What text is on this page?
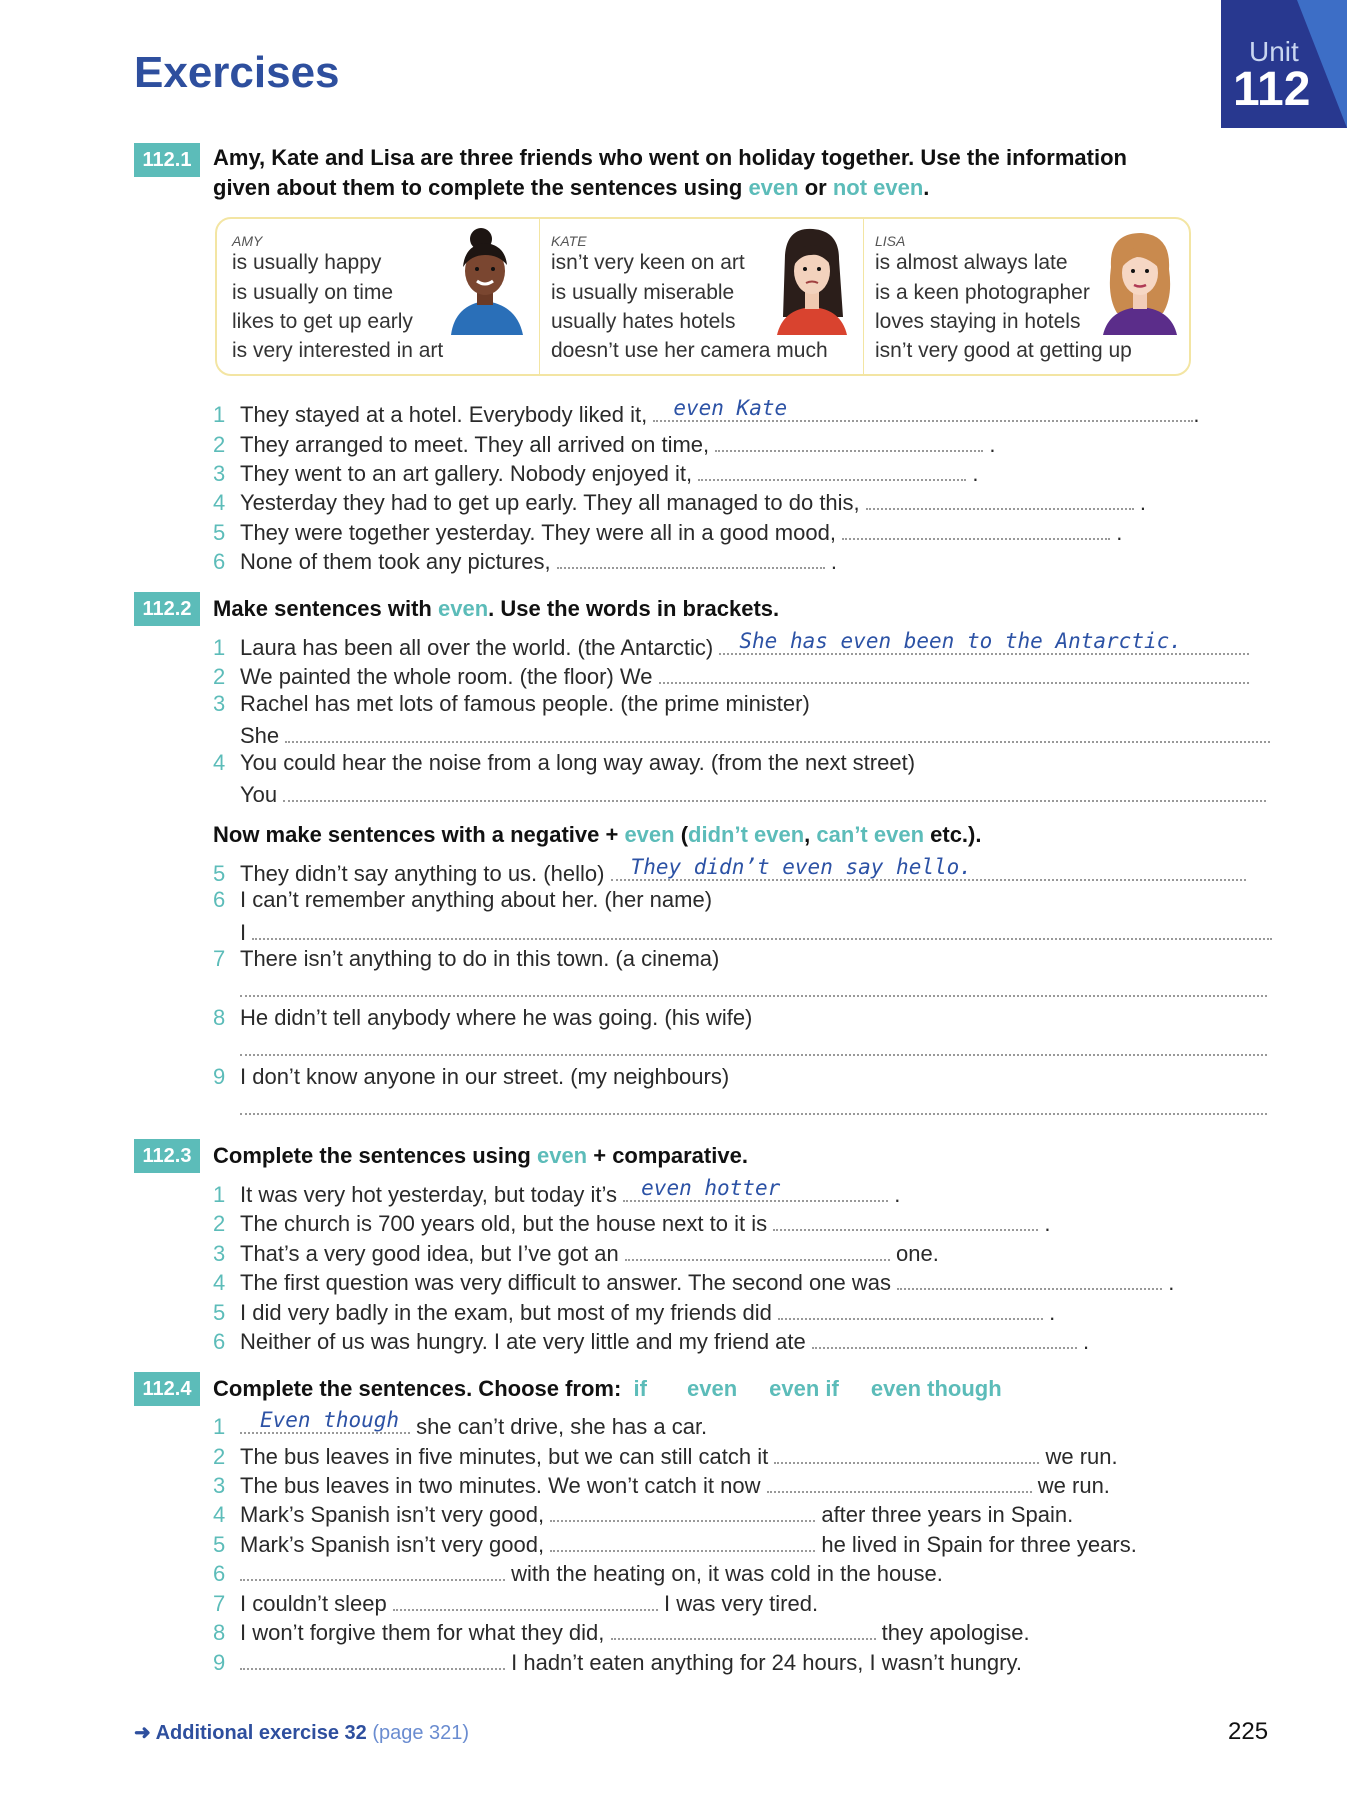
Exercises	Unit
112
112.1 Amy, Kate and Lisa are three friends who went on holiday together. Use the information
given about them to complete the sentences using even or not even.
AMY
is usually happy
is usually on time
likes to get up early
is very interested in art
KATE
isn’t very keen on art
is usually miserable
usually hates hotels
doesn’t use her camera much
LISA
is almost always late
is a keen photographer
loves staying in hotels
isn’t very good at getting up
1 They stayed at a hotel. Everybody liked it, even Kate	.
2 They arranged to meet. They all arrived on time,	.
3 They went to an art gallery. Nobody enjoyed it,	.
4 Yesterday they had to get up early. They all managed to do this,	.
5 They were together yesterday. They were all in a good mood,	.
6 None of them took any pictures,	.
112.2 Make sentences with even. Use the words in brackets.
1 Laura has been all over the world. (the Antarctic) She has even been to the Antarctic.
2 We painted the whole room. (the floor) We
3 Rachel has met lots of famous people. (the prime minister)
She
4 You could hear the noise from a long way away. (from the next street)
You
Now make sentences with a negative + even (didn’t even, can’t even etc.).
5 They didn’t say anything to us. (hello) They didn’t even say hello.
6 I can’t remember anything about her. (her name)
I
7 There isn’t anything to do in this town. (a cinema)
8 He didn’t tell anybody where he was going. (his wife)
9 I don’t know anyone in our street. (my neighbours)
112.3 Complete the sentences using even + comparative.
1 It was very hot yesterday, but today it’s even hotter	.
2 The church is 700 years old, but the house next to it is	.
3 That’s a very good idea, but I’ve got an	one.
4 The first question was very difficult to answer. The second one was	.
5 I did very badly in the exam, but most of my friends did	.
6 Neither of us was hungry. I ate very little and my friend ate	.
112.4 Complete the sentences. Choose from: if even even if even though
1 Even though she can’t drive, she has a car.
2 The bus leaves in five minutes, but we can still catch it	we run.
3 The bus leaves in two minutes. We won’t catch it now	we run.
4 Mark’s Spanish isn’t very good,	after three years in Spain.
5 Mark’s Spanish isn’t very good,	he lived in Spain for three years.
6	with the heating on, it was cold in the house.
7 I couldn’t sleep	I was very tired.
8 I won’t forgive them for what they did,	they apologise.
9	I hadn’t eaten anything for 24 hours, I wasn’t hungry.
➜ Additional exercise 32 (page 321)	225
